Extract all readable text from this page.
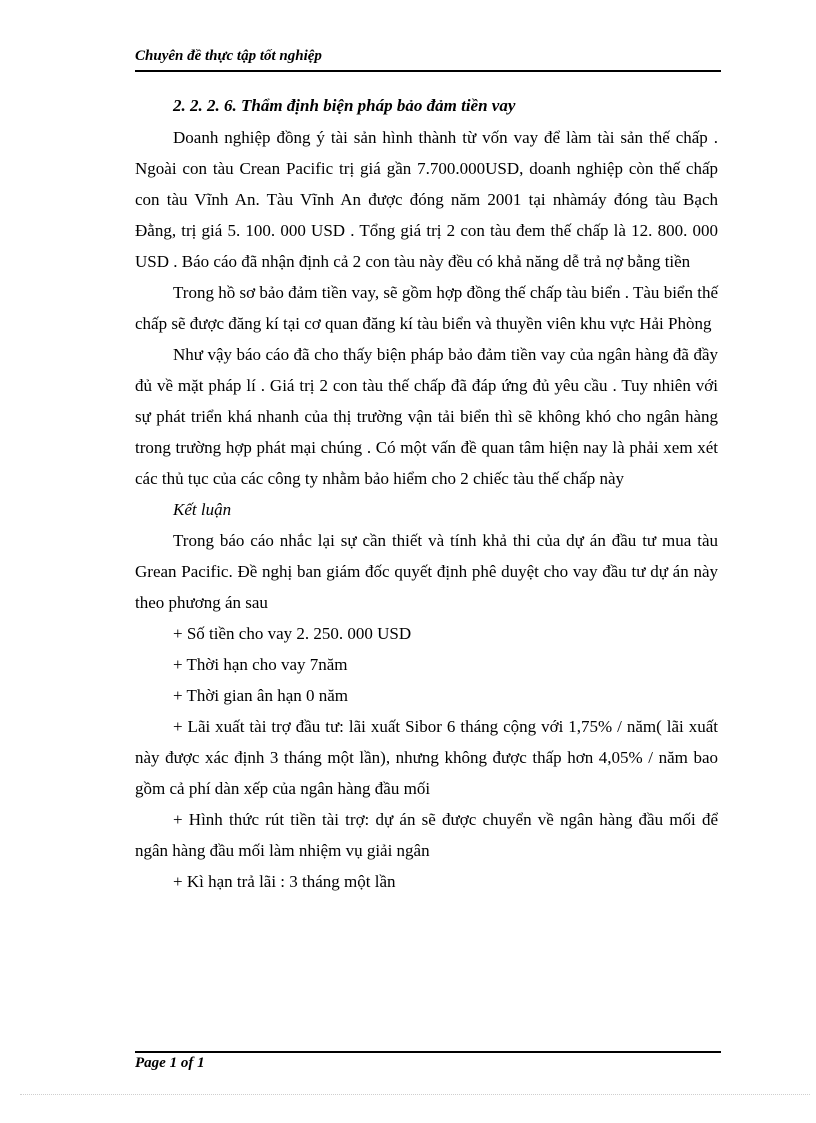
Chuyên đề thực tập tốt nghiệp
2. 2. 2. 6. Thẩm định biện pháp bảo đảm tiền vay

Doanh nghiệp đồng ý tài sản hình thành từ vốn vay để làm tài sản thế chấp . Ngoài con tàu Crean Pacific trị giá gần 7.700.000USD, doanh nghiệp còn thế chấp con tàu Vĩnh An. Tàu Vĩnh An được đóng năm 2001 tại nhàmáy đóng tàu Bạch Đằng, trị giá 5. 100. 000 USD . Tổng giá trị 2 con tàu đem thế chấp là 12. 800. 000 USD . Báo cáo đã nhận định cả 2 con tàu này đều có khả năng dễ trả nợ bằng tiền

Trong hồ sơ bảo đảm tiền vay, sẽ gồm hợp đồng thế chấp tàu biển . Tàu biển thế chấp sẽ được đăng kí tại cơ quan đăng kí tàu biển và thuyền viên khu vực Hải Phòng

Như vậy báo cáo đã cho thấy biện pháp bảo đảm tiền vay của ngân hàng đã đầy đủ về mặt pháp lí . Giá trị 2 con tàu thế chấp đã đáp ứng đủ yêu cầu . Tuy nhiên với sự phát triển khá nhanh của thị trường vận tải biển thì sẽ không khó cho ngân hàng trong trường hợp phát mại chúng . Có một vấn đề quan tâm hiện nay là phải xem xét các thủ tục của các công ty nhằm bảo hiểm cho 2 chiếc tàu thế chấp này

Kết luận

Trong báo cáo nhắc lại sự cần thiết và tính khả thi của dự án đầu tư mua tàu Grean Pacific. Đề nghị ban giám đốc quyết định phê duyệt cho vay đầu tư dự án này theo phương án sau

+ Số tiền cho vay 2. 250. 000 USD

+ Thời hạn cho vay 7năm

+ Thời gian ân hạn 0 năm

+ Lãi xuất tài trợ đầu tư: lãi xuất Sibor 6 tháng cộng với 1,75% / năm( lãi xuất này được xác định 3 tháng một lần), nhưng không được thấp hơn 4,05% / năm bao gồm cả phí dàn xếp của ngân hàng đầu mối

+ Hình thức rút tiền tài trợ: dự án sẽ được chuyển về ngân hàng đầu mối để ngân hàng đầu mối làm nhiệm vụ giải ngân

+ Kì hạn trả lãi : 3 tháng một lần

Page 1 of 1
